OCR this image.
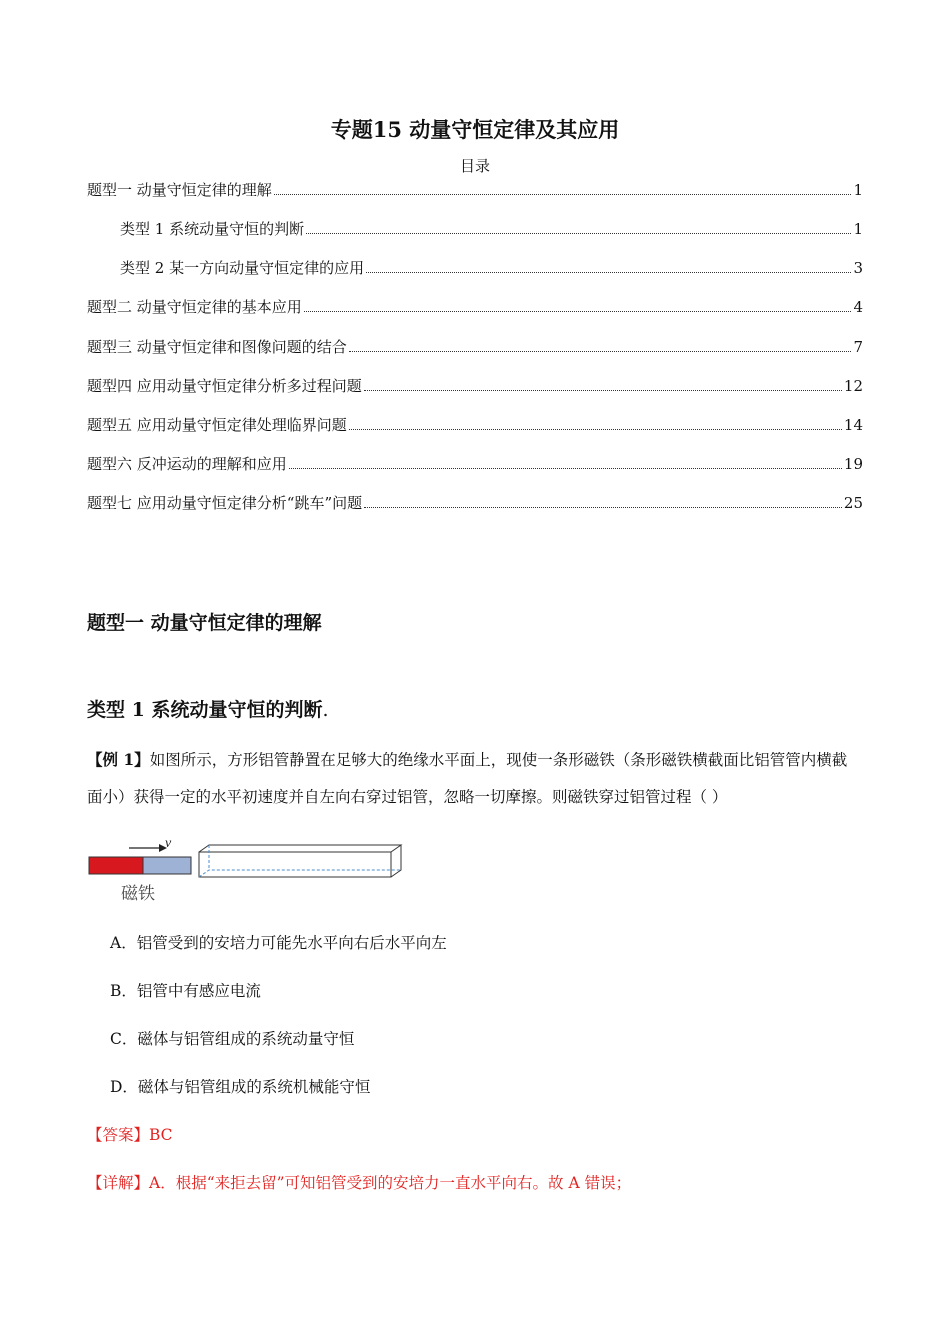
专题15 动量守恒定律及其应用
目录
题型一 动量守恒定律的理解	1
类型 1 系统动量守恒的判断	1
类型 2 某一方向动量守恒定律的应用	3
题型二 动量守恒定律的基本应用	4
题型三 动量守恒定律和图像问题的结合	7
题型四 应用动量守恒定律分析多过程问题	12
题型五 应用动量守恒定律处理临界问题	14
题型六 反冲运动的理解和应用	19
题型七 应用动量守恒定律分析“跳车”问题	25
题型一 动量守恒定律的理解
类型 1 系统动量守恒的判断.
【例 1】如图所示，方形铝管静置在足够大的绝缘水平面上，现使一条形磁铁（条形磁铁横截面比铝管管内横截面小）获得一定的水平初速度并自左向右穿过铝管，忽略一切摩擦。则磁铁穿过铝管过程（ ）
v
磁铁
A．铝管受到的安培力可能先水平向右后水平向左
B．铝管中有感应电流
C．磁体与铝管组成的系统动量守恒
D．磁体与铝管组成的系统机械能守恒
【答案】BC
【详解】A．根据“来拒去留”可知铝管受到的安培力一直水平向右。故 A 错误；
